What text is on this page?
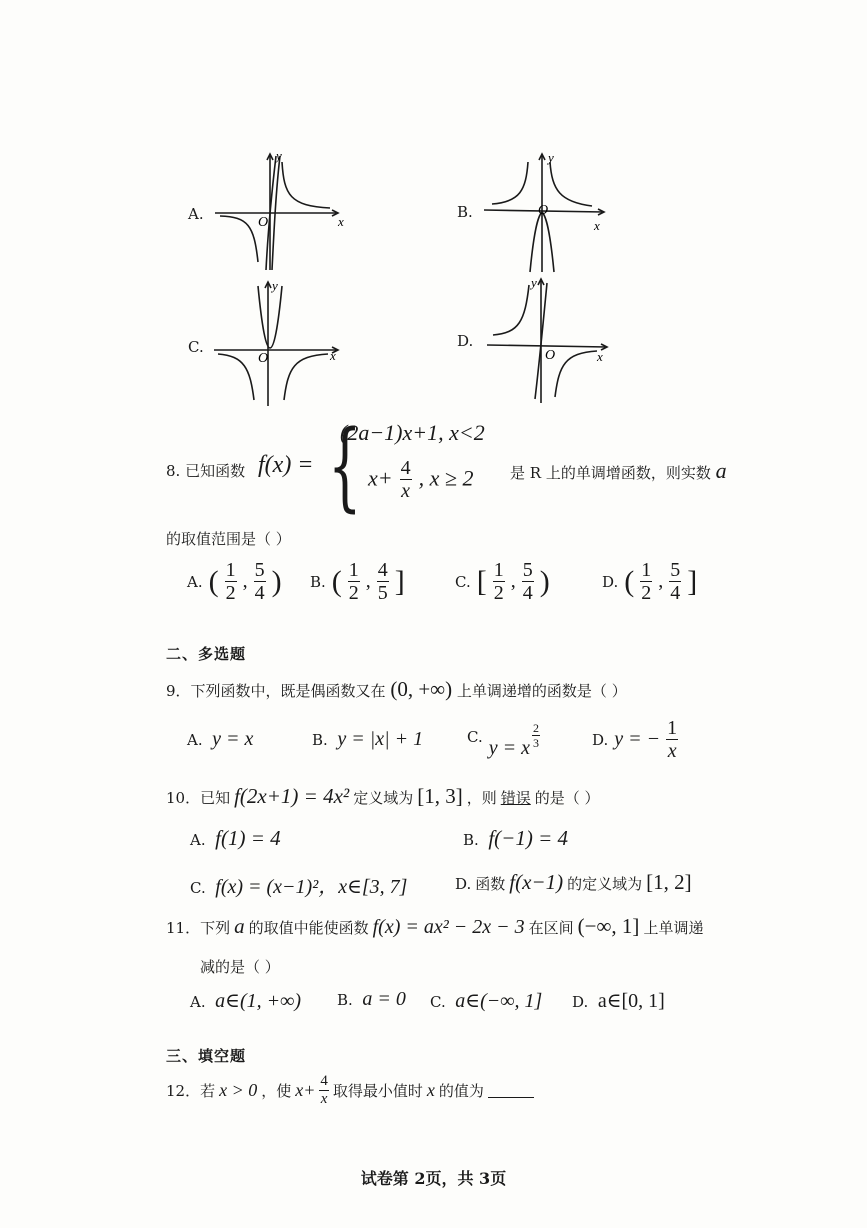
A.
y
x
O
B.
y
x
O
C.
y
x
O
D.
y
x
O
8. 已知函数 f(x) = {
(2a−1)x+1, x<2
$x+ \frac{4}{x}$ , x ≥ 2 是 R 上的单调增函数，则实数 a
的取值范围是（ ）
A. ( $\frac{1}{2}$ , $\frac{5}{4}$ ) B. ( $\frac{1}{2}$ , $\frac{4}{5}$ ]	C. [ $\frac{1}{2}$ , $\frac{5}{4}$ )	D. ( $\frac{1}{2}$ , $\frac{5}{4}$ ]
二、多选题
9．下列函数中，既是偶函数又在 (0, +∞) 上单调递增的函数是（ ）
A. y = x	B. y = |x| + 1	C. y = x $\frac{2}{3}$	D. y = − $\frac{1}{x}$
10．已知 f(2x+1) = 4x² 定义域为 [1, 3] ，则 错误 的是（ ）
A. f(1) = 4	B. f(−1) = 4
C. f(x) = (x−1)²，x∈[3, 7]	D. 函数 f(x−1) 的定义域为 [1, 2]
11．下列 a 的取值中能使函数 f(x) = ax² − 2x − 3 在区间 (−∞, 1] 上单调递
减的是（ ）
A. a∈(1, +∞) B. a = 0 C. a∈(−∞, 1] D. a∈[0, 1]
三、填空题
12．若 x > 0 ，使 $x+ \frac{4}{x}$ 取得最小值时 x 的值为
试卷第 2页，共 3页
